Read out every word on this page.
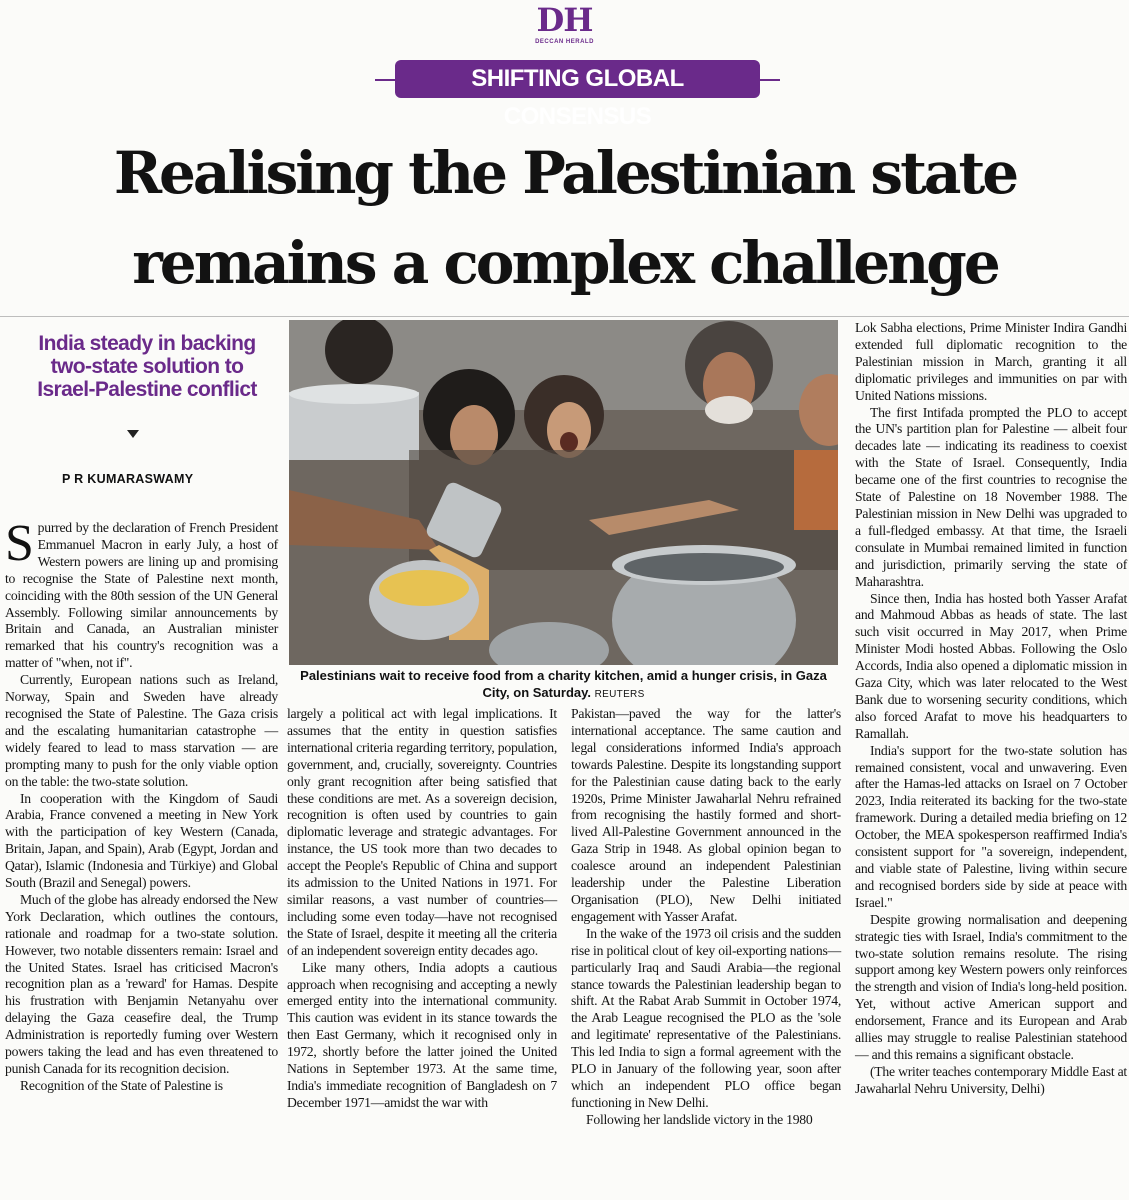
DH
DECCAN HERALD
SHIFTING GLOBAL CONSENSUS
Realising the Palestinian state
remains a complex challenge
India steady in backing two-state solution to Israel-Palestine conflict
P R KUMARASWAMY
Palestinians wait to receive food from a charity kitchen, amid a hunger crisis, in Gaza City, on Saturday. REUTERS

Spurred by the declaration of French President Emmanuel Macron in early July, a host of Western powers are lining up and promising to recognise the State of Palestine next month, coinciding with the 80th session of the UN General Assembly. Following similar announcements by Britain and Canada, an Australian minister remarked that his country's recognition was a matter of "when, not if".

Currently, European nations such as Ireland, Norway, Spain and Sweden have already recognised the State of Palestine. The Gaza crisis and the escalating humanitarian catastrophe — widely feared to lead to mass starvation — are prompting many to push for the only viable option on the table: the two-state solution.

In cooperation with the Kingdom of Saudi Arabia, France convened a meeting in New York with the participation of key Western (Canada, Britain, Japan, and Spain), Arab (Egypt, Jordan and Qatar), Islamic (Indonesia and Türkiye) and Global South (Brazil and Senegal) powers.

Much of the globe has already endorsed the New York Declaration, which outlines the contours, rationale and roadmap for a two-state solution. However, two notable dissenters remain: Israel and the United States. Israel has criticised Macron's recognition plan as a 'reward' for Hamas. Despite his frustration with Benjamin Netanyahu over delaying the Gaza ceasefire deal, the Trump Administration is reportedly fuming over Western powers taking the lead and has even threatened to punish Canada for its recognition decision.

Recognition of the State of Palestine is

largely a political act with legal implications. It assumes that the entity in question satisfies international criteria regarding territory, population, government, and, crucially, sovereignty. Countries only grant recognition after being satisfied that these conditions are met. As a sovereign decision, recognition is often used by countries to gain diplomatic leverage and strategic advantages. For instance, the US took more than two decades to accept the People's Republic of China and support its admission to the United Nations in 1971. For similar reasons, a vast number of countries—including some even today—have not recognised the State of Israel, despite it meeting all the criteria of an independent sovereign entity decades ago.

Like many others, India adopts a cautious approach when recognising and accepting a newly emerged entity into the international community. This caution was evident in its stance towards the then East Germany, which it recognised only in 1972, shortly before the latter joined the United Nations in September 1973. At the same time, India's immediate recognition of Bangladesh on 7 December 1971—amidst the war with

Pakistan—paved the way for the latter's international acceptance. The same caution and legal considerations informed India's approach towards Palestine. Despite its longstanding support for the Palestinian cause dating back to the early 1920s, Prime Minister Jawaharlal Nehru refrained from recognising the hastily formed and short-lived All-Palestine Government announced in the Gaza Strip in 1948. As global opinion began to coalesce around an independent Palestinian leadership under the Palestine Liberation Organisation (PLO), New Delhi initiated engagement with Yasser Arafat.

In the wake of the 1973 oil crisis and the sudden rise in political clout of key oil-exporting nations—particularly Iraq and Saudi Arabia—the regional stance towards the Palestinian leadership began to shift. At the Rabat Arab Summit in October 1974, the Arab League recognised the PLO as the 'sole and legitimate' representative of the Palestinians. This led India to sign a formal agreement with the PLO in January of the following year, soon after which an independent PLO office began functioning in New Delhi.

Following her landslide victory in the 1980

Lok Sabha elections, Prime Minister Indira Gandhi extended full diplomatic recognition to the Palestinian mission in March, granting it all diplomatic privileges and immunities on par with United Nations missions.

The first Intifada prompted the PLO to accept the UN's partition plan for Palestine — albeit four decades late — indicating its readiness to coexist with the State of Israel. Consequently, India became one of the first countries to recognise the State of Palestine on 18 November 1988. The Palestinian mission in New Delhi was upgraded to a full-fledged embassy. At that time, the Israeli consulate in Mumbai remained limited in function and jurisdiction, primarily serving the state of Maharashtra.

Since then, India has hosted both Yasser Arafat and Mahmoud Abbas as heads of state. The last such visit occurred in May 2017, when Prime Minister Modi hosted Abbas. Following the Oslo Accords, India also opened a diplomatic mission in Gaza City, which was later relocated to the West Bank due to worsening security conditions, which also forced Arafat to move his headquarters to Ramallah.

India's support for the two-state solution has remained consistent, vocal and unwavering. Even after the Hamas-led attacks on Israel on 7 October 2023, India reiterated its backing for the two-state framework. During a detailed media briefing on 12 October, the MEA spokesperson reaffirmed India's consistent support for "a sovereign, independent, and viable state of Palestine, living within secure and recognised borders side by side at peace with Israel."

Despite growing normalisation and deepening strategic ties with Israel, India's commitment to the two-state solution remains resolute. The rising support among key Western powers only reinforces the strength and vision of India's long-held position. Yet, without active American support and endorsement, France and its European and Arab allies may struggle to realise Palestinian statehood — and this remains a significant obstacle.

(The writer teaches contemporary Middle East at Jawaharlal Nehru University, Delhi)
